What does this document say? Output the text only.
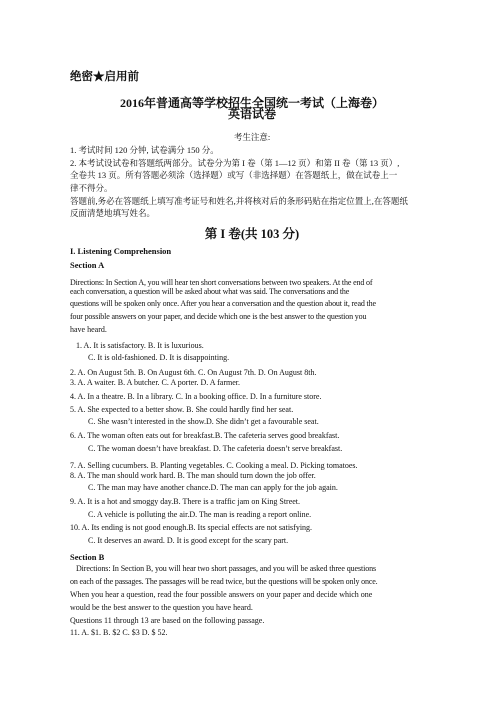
绝密★启用前
2016年普通高等学校招生全国统一考试（上海卷）
英语试卷
考生注意:
1. 考试时间 120 分钟, 试卷满分 150 分。
2. 本考试设试卷和答题纸两部分。试卷分为第 I 卷（第 1—12 页）和第 II 卷（第 13 页）,
全卷共 13 页。所有答题必须涂（选择题）或写（非选择题）在答题纸上，做在试卷上一
律不得分。
答题前,务必在答题纸上填写准考证号和姓名,并将核对后的条形码贴在指定位置上,在答题纸
反面清楚地填写姓名。
第 I 卷(共 103 分)
I. Listening Comprehension
Section A
Directions: In Section A, you will hear ten short conversations between two speakers. At the end of
each conversation, a question will be asked about what was said. The conversations and the
questions will be spoken only once. After you hear a conversation and the question about it, read the
four possible answers on your paper, and decide which one is the best answer to the question you
have heard.
1. A. It is satisfactory. B. It is luxurious.
C. It is old-fashioned. D. It is disappointing.
2. A. On August 5th. B. On August 6th. C. On August 7th. D. On August 8th.
3. A. A waiter. B. A butcher. C. A porter. D. A farmer.
4. A. In a theatre. B. In a library. C. In a booking office. D. In a furniture store.
5. A. She expected to a better show. B. She could hardly find her seat.
C. She wasn’t interested in the show.D. She didn’t get a favourable seat.
6. A. The woman often eats out for breakfast.B. The cafeteria serves good breakfast.
C. The woman doesn’t have breakfast. D. The cafeteria doesn’t serve breakfast.
7. A. Selling cucumbers. B. Planting vegetables. C. Cooking a meal. D. Picking tomatoes.
8. A. The man should work hard. B. The man should turn down the job offer.
C. The man may have another chance.D. The man can apply for the job again.
9. A. It is a hot and smoggy day.B. There is a traffic jam on King Street.
C. A vehicle is polluting the air.D. The man is reading a report online.
10. A. Its ending is not good enough.B. Its special effects are not satisfying.
C. It deserves an award. D. It is good except for the scary part.
Section B
Directions: In Section B, you will hear two short passages, and you will be asked three questions
on each of the passages. The passages will be read twice, but the questions will be spoken only once.
When you hear a question, read the four possible answers on your paper and decide which one
would be the best answer to the question you have heard.
Questions 11 through 13 are based on the following passage.
11. A. $1. B. $2 C. $3 D. $ 52.
